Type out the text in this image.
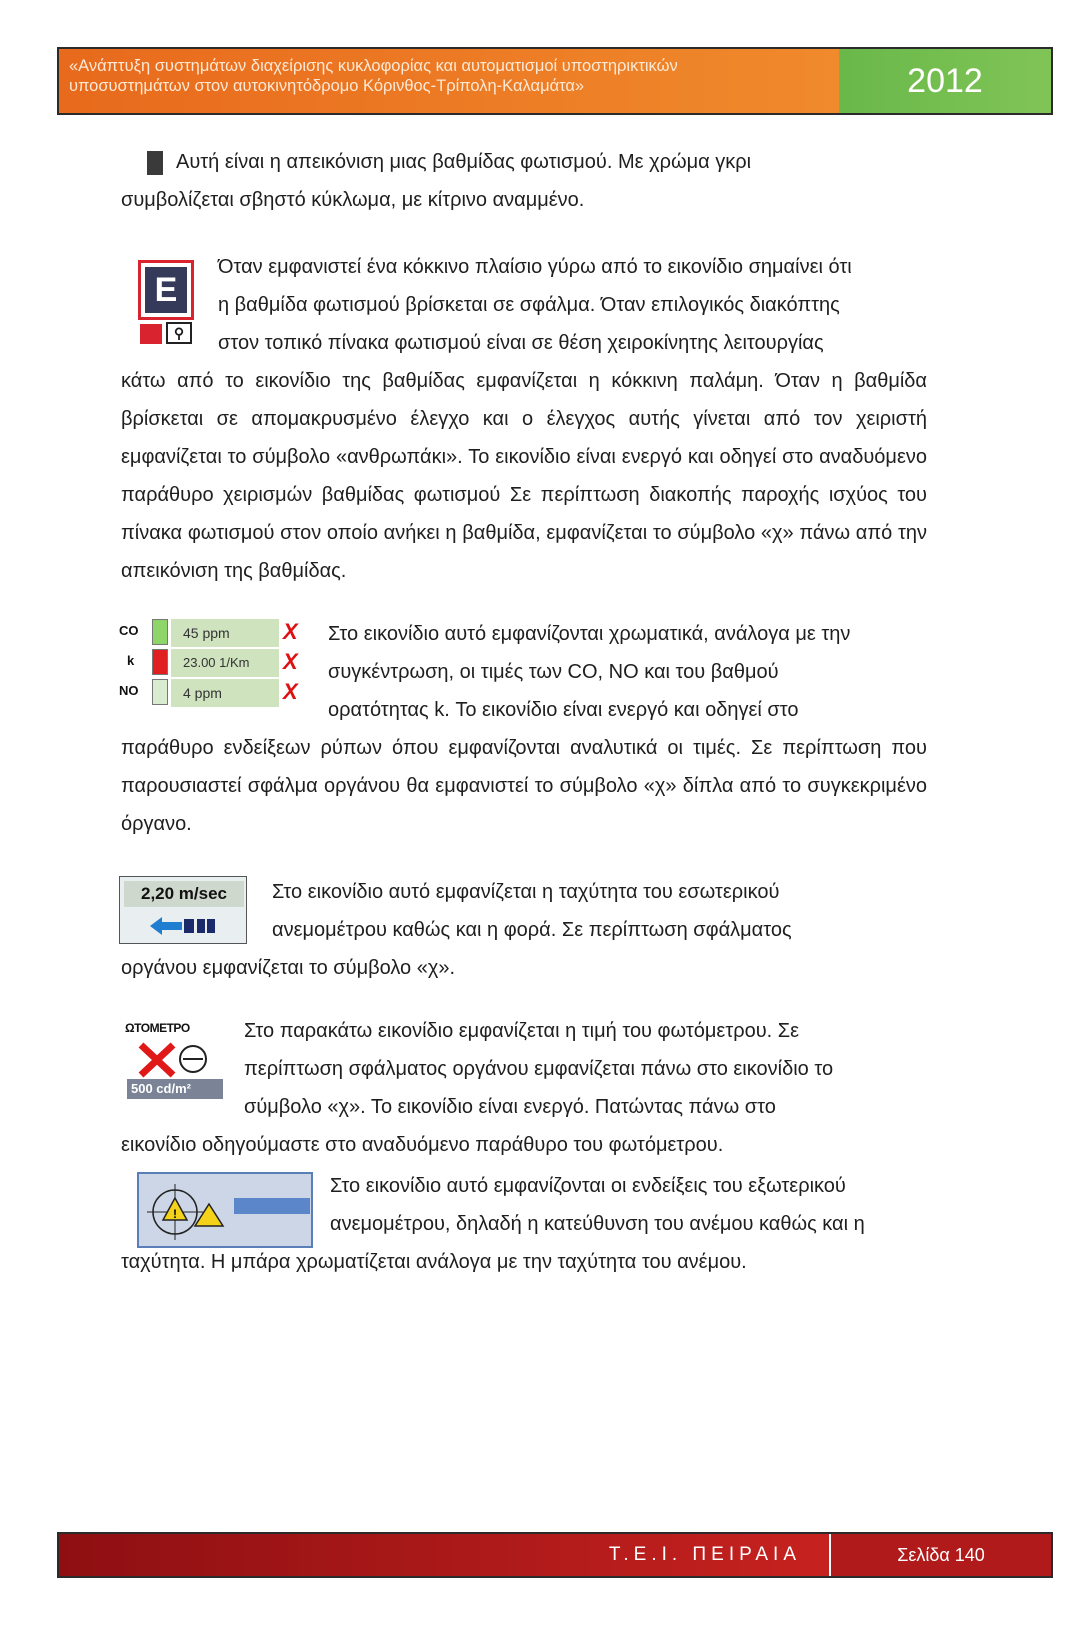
«Ανάπτυξη συστημάτων διαχείρισης κυκλοφορίας και αυτοματισμοί υποστηρικτικών
υποσυστημάτων στον αυτοκινητόδρομο Κόρινθος-Τρίπολη-Καλαμάτα»	2012
Αυτή είναι η απεικόνιση μιας βαθμίδας φωτισμού. Με χρώμα γκρι
συμβολίζεται σβηστό κύκλωμα, με κίτρινο αναμμένο.
E
⚲
Όταν εμφανιστεί ένα κόκκινο πλαίσιο γύρω από το εικονίδιο σημαίνει ότι
η βαθμίδα φωτισμού βρίσκεται σε σφάλμα. Όταν επιλογικός διακόπτης
στον τοπικό πίνακα φωτισμού είναι σε θέση χειροκίνητης λειτουργίας
κάτω από το εικονίδιο της βαθμίδας εμφανίζεται η κόκκινη παλάμη. Όταν η βαθμίδα βρίσκεται σε απομακρυσμένο έλεγχο και ο έλεγχος αυτής γίνεται από τον χειριστή εμφανίζεται το σύμβολο «ανθρωπάκι». Το εικονίδιο είναι ενεργό και οδηγεί στο αναδυόμενο παράθυρο χειρισμών βαθμίδας φωτισμού Σε περίπτωση διακοπής παροχής ισχύος του πίνακα φωτισμού στον οποίο ανήκει η βαθμίδα, εμφανίζεται το σύμβολο «χ» πάνω από την απεικόνιση της βαθμίδας.
CO	45 ppm	X
k	23.00 1/Km	X
NO	4 ppm	X
Στο εικονίδιο αυτό εμφανίζονται χρωματικά, ανάλογα με την
συγκέντρωση, οι τιμές των CO, NO και του βαθμού
ορατότητας k. Το εικονίδιο είναι ενεργό και οδηγεί στο
παράθυρο ενδείξεων ρύπων όπου εμφανίζονται αναλυτικά οι τιμές. Σε περίπτωση που παρουσιαστεί σφάλμα οργάνου θα εμφανιστεί το σύμβολο «χ» δίπλα από το συγκεκριμένο όργανο.
2,20 m/sec	Στο εικονίδιο αυτό εμφανίζεται η ταχύτητα του εσωτερικού
ανεμομέτρου καθώς και η φορά. Σε περίπτωση σφάλματος
οργάνου εμφανίζεται το σύμβολο «χ».
ΩΤΟΜΕΤΡΟ
500 cd/m²
Στο παρακάτω εικονίδιο εμφανίζεται η τιμή του φωτόμετρου. Σε
περίπτωση σφάλματος οργάνου εμφανίζεται πάνω στο εικονίδιο το
σύμβολο «χ». Το εικονίδιο είναι ενεργό. Πατώντας πάνω στο
εικονίδιο οδηγούμαστε στο αναδυόμενο παράθυρο του φωτόμετρου.
!
Στο εικονίδιο αυτό εμφανίζονται οι ενδείξεις του εξωτερικού
ανεμομέτρου, δηλαδή η κατεύθυνση του ανέμου καθώς και η
ταχύτητα. Η μπάρα χρωματίζεται ανάλογα με την ταχύτητα του ανέμου.
Τ.Ε.Ι. ΠΕΙΡΑΙΑ	Σελίδα 140
